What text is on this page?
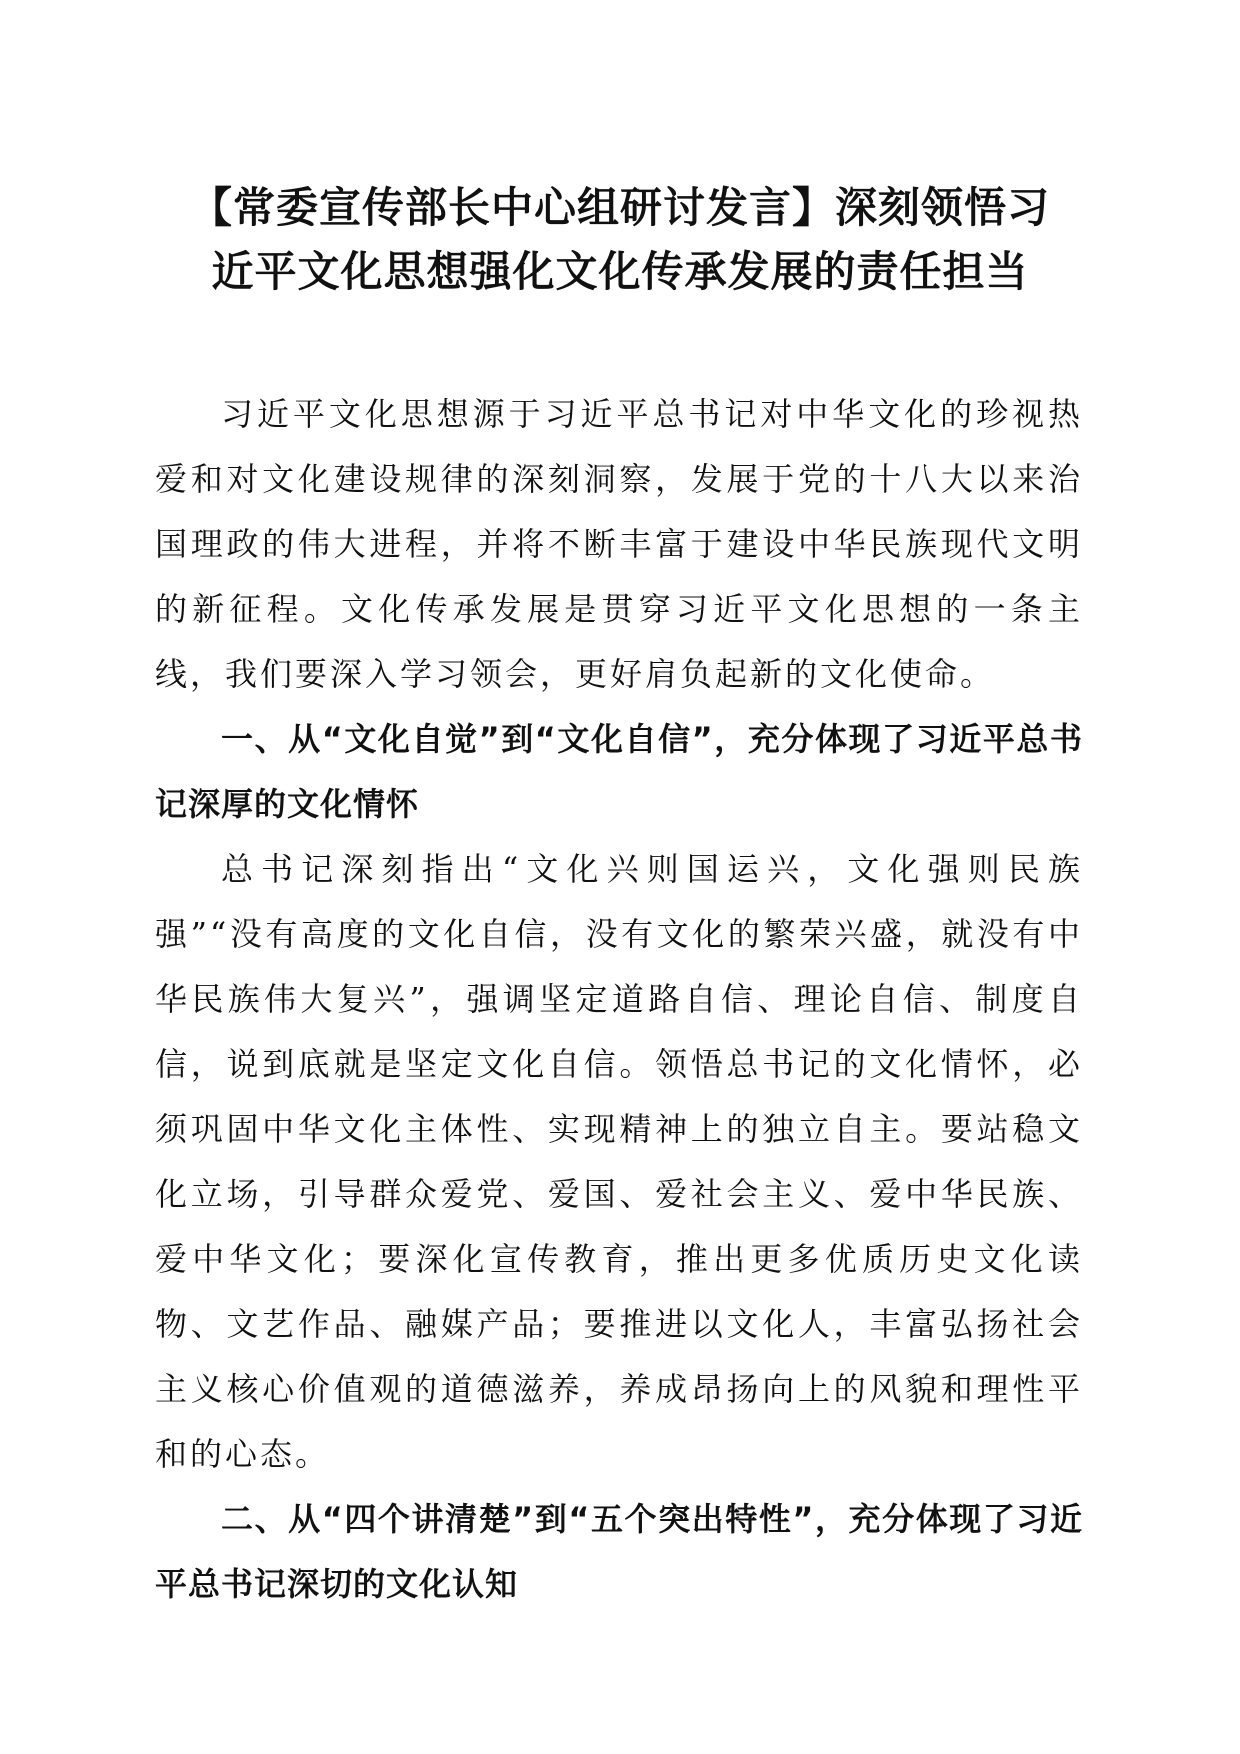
【常委宣传部长中心组研讨发言】深刻领悟习
近平文化思想强化文化传承发展的责任担当

习近平文化思想源于习近平总书记对中华文化的珍视热爱和对文化建设规律的深刻洞察，发展于党的十八大以来治国理政的伟大进程，并将不断丰富于建设中华民族现代文明的新征程。文化传承发展是贯穿习近平文化思想的一条主线，我们要深入学习领会，更好肩负起新的文化使命。

一、从“文化自觉”到“文化自信”，充分体现了习近平总书记深厚的文化情怀

总书记深刻指出“文化兴则国运兴，文化强则民族强”“没有高度的文化自信，没有文化的繁荣兴盛，就没有中华民族伟大复兴”，强调坚定道路自信、理论自信、制度自信，说到底就是坚定文化自信。领悟总书记的文化情怀，必须巩固中华文化主体性、实现精神上的独立自主。要站稳文化立场，引导群众爱党、爱国、爱社会主义、爱中华民族、爱中华文化；要深化宣传教育，推出更多优质历史文化读物、文艺作品、融媒产品；要推进以文化人，丰富弘扬社会主义核心价值观的道德滋养，养成昂扬向上的风貌和理性平和的心态。

二、从“四个讲清楚”到“五个突出特性”，充分体现了习近平总书记深切的文化认知
